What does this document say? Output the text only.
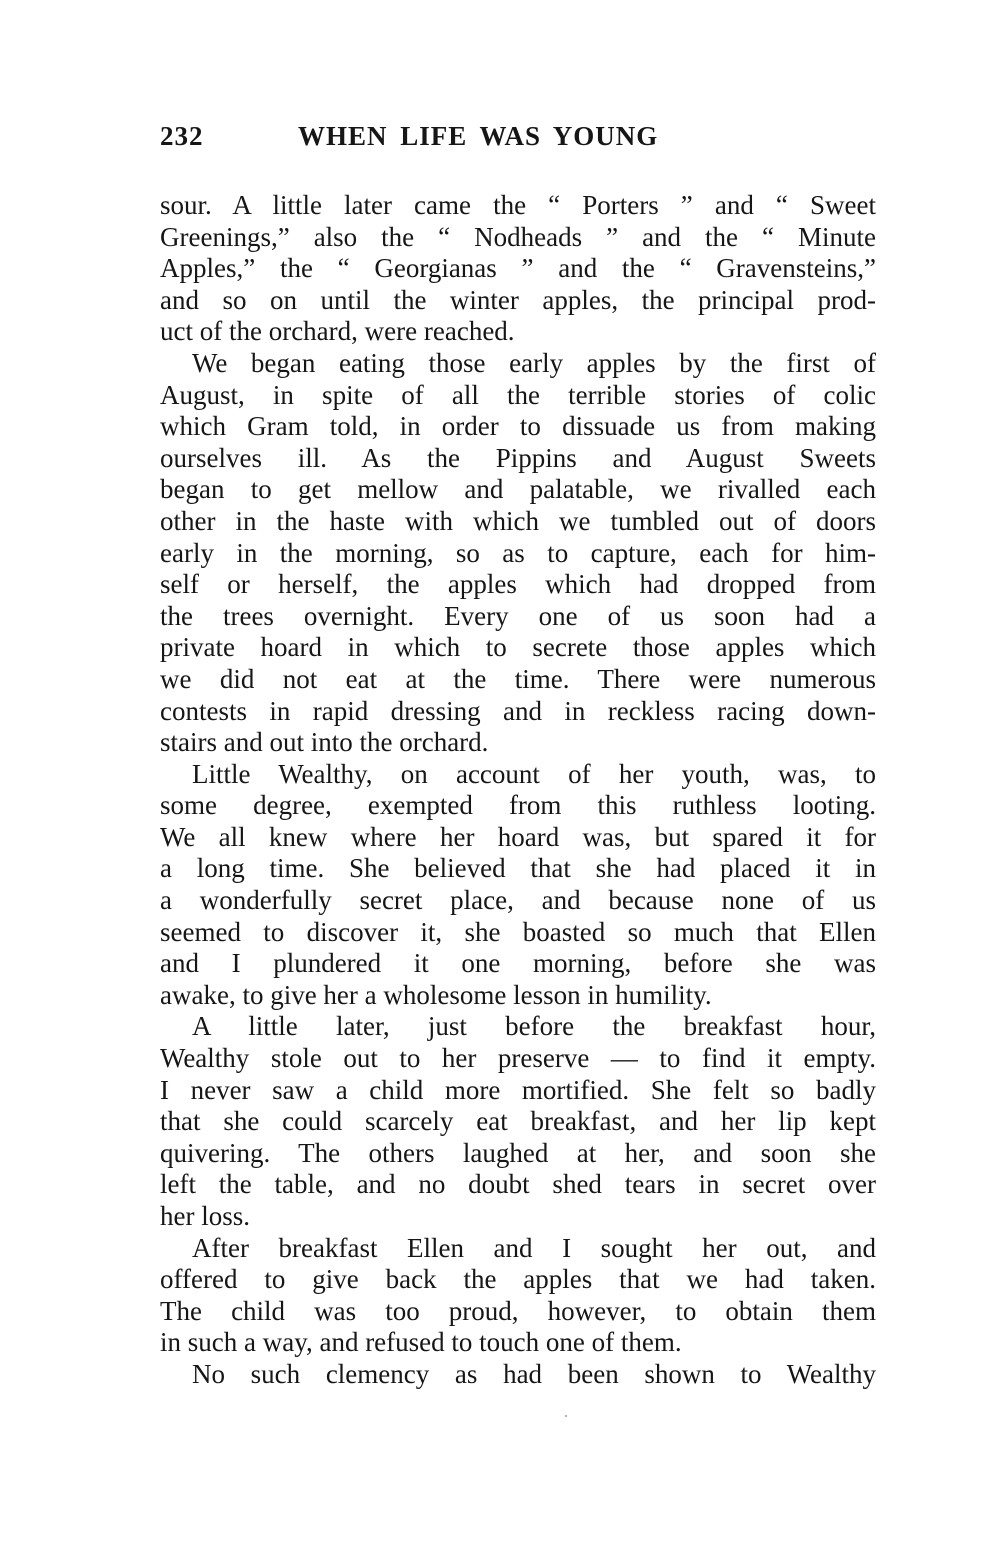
232	WHEN LIFE WAS YOUNG
sour. A little later came the “ Porters ” and “ Sweet
Greenings,” also the “ Nodheads ” and the “ Minute
Apples,” the “ Georgianas ” and the “ Gravensteins,”
and so on until the winter apples, the principal prod-
uct of the orchard, were reached.
We began eating those early apples by the first of
August, in spite of all the terrible stories of colic
which Gram told, in order to dissuade us from making
ourselves ill. As the Pippins and August Sweets
began to get mellow and palatable, we rivalled each
other in the haste with which we tumbled out of doors
early in the morning, so as to capture, each for him-
self or herself, the apples which had dropped from
the trees overnight. Every one of us soon had a
private hoard in which to secrete those apples which
we did not eat at the time. There were numerous
contests in rapid dressing and in reckless racing down-
stairs and out into the orchard.
Little Wealthy, on account of her youth, was, to
some degree, exempted from this ruthless looting.
We all knew where her hoard was, but spared it for
a long time. She believed that she had placed it in
a wonderfully secret place, and because none of us
seemed to discover it, she boasted so much that Ellen
and I plundered it one morning, before she was
awake, to give her a wholesome lesson in humility.
A little later, just before the breakfast hour,
Wealthy stole out to her preserve — to find it empty.
I never saw a child more mortified. She felt so badly
that she could scarcely eat breakfast, and her lip kept
quivering. The others laughed at her, and soon she
left the table, and no doubt shed tears in secret over
her loss.
After breakfast Ellen and I sought her out, and
offered to give back the apples that we had taken.
The child was too proud, however, to obtain them
in such a way, and refused to touch one of them.
No such clemency as had been shown to Wealthy
